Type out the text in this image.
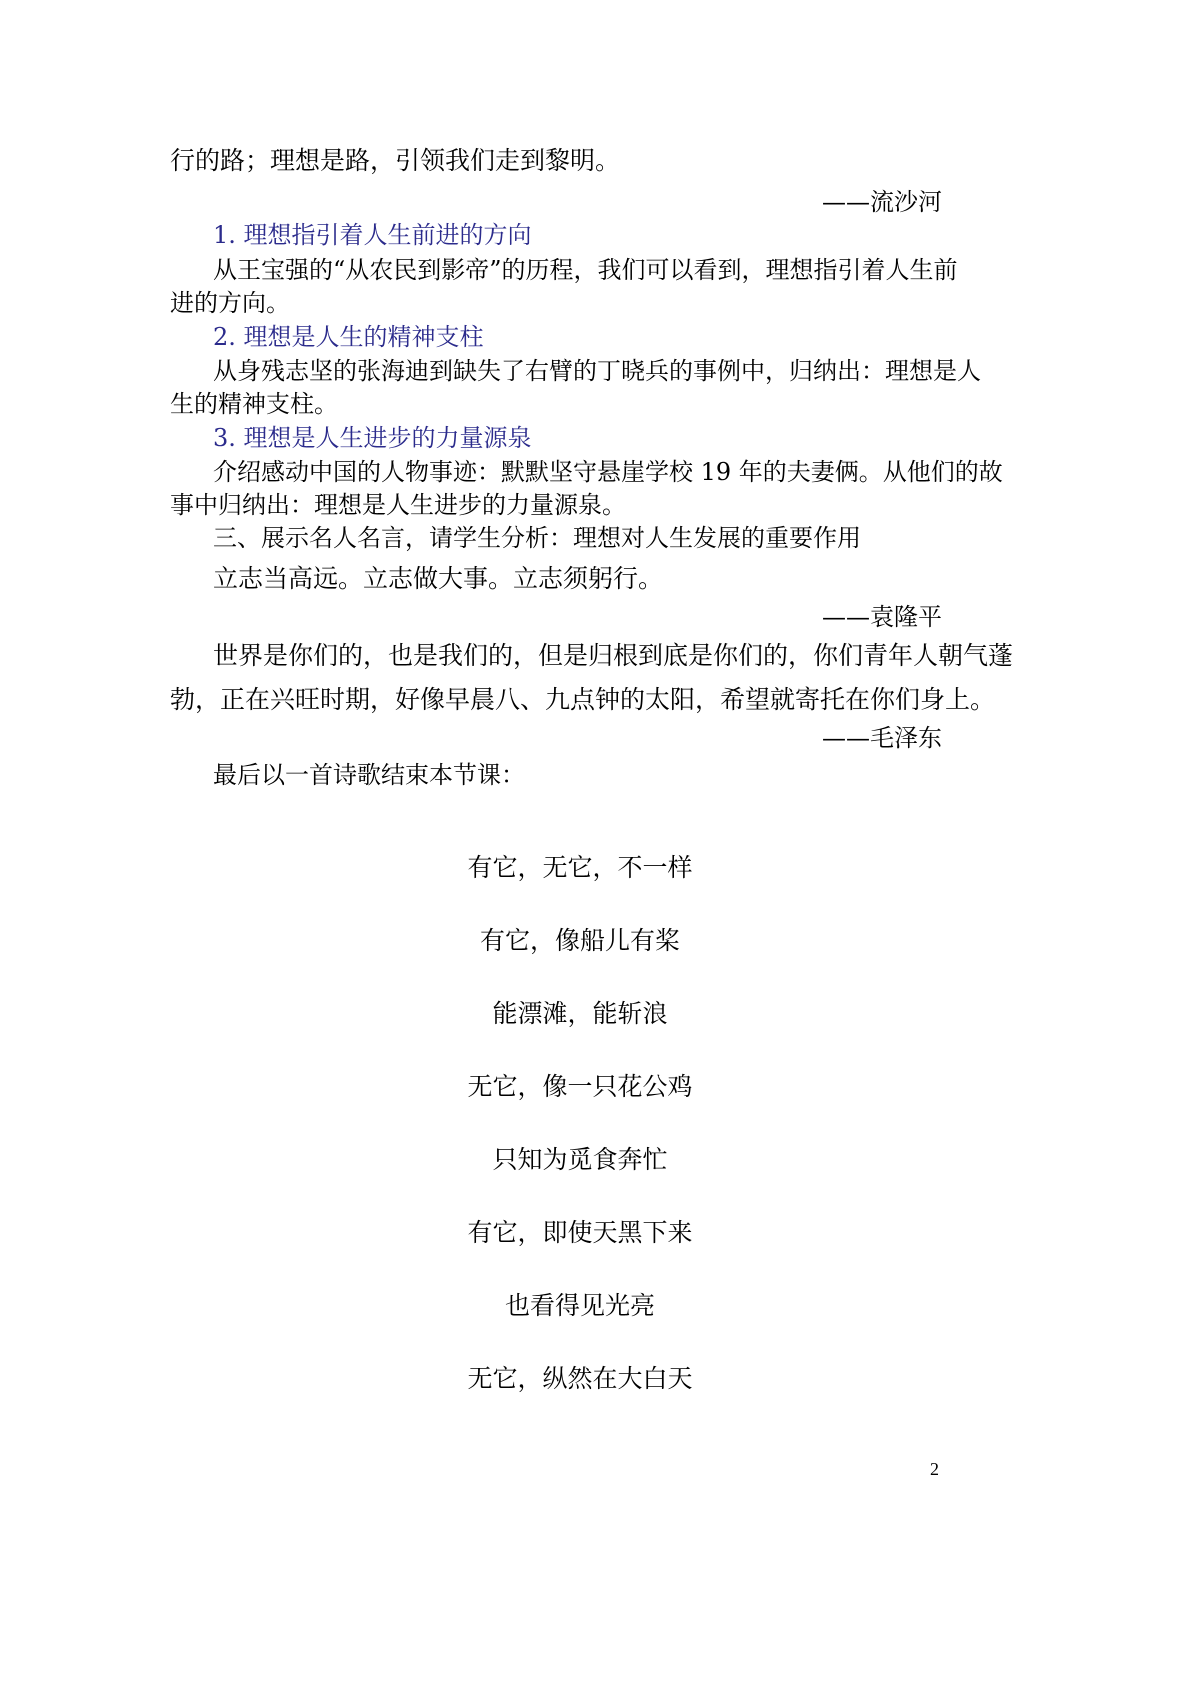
行的路；理想是路，引领我们走到黎明。
——流沙河
1. 理想指引着人生前进的方向
从王宝强的“从农民到影帝”的历程，我们可以看到，理想指引着人生前
进的方向。
2. 理想是人生的精神支柱
从身残志坚的张海迪到缺失了右臂的丁晓兵的事例中，归纳出：理想是人
生的精神支柱。
3. 理想是人生进步的力量源泉
介绍感动中国的人物事迹：默默坚守悬崖学校 19 年的夫妻俩。从他们的故
事中归纳出：理想是人生进步的力量源泉。
三、展示名人名言，请学生分析：理想对人生发展的重要作用
立志当高远。立志做大事。立志须躬行。
——袁隆平
世界是你们的，也是我们的，但是归根到底是你们的，你们青年人朝气蓬
勃，正在兴旺时期，好像早晨八、九点钟的太阳，希望就寄托在你们身上。
——毛泽东
最后以一首诗歌结束本节课：
有它，无它，不一样
有它，像船儿有桨
能漂滩，能斩浪
无它，像一只花公鸡
只知为觅食奔忙
有它，即使天黑下来
也看得见光亮
无它，纵然在大白天
2
